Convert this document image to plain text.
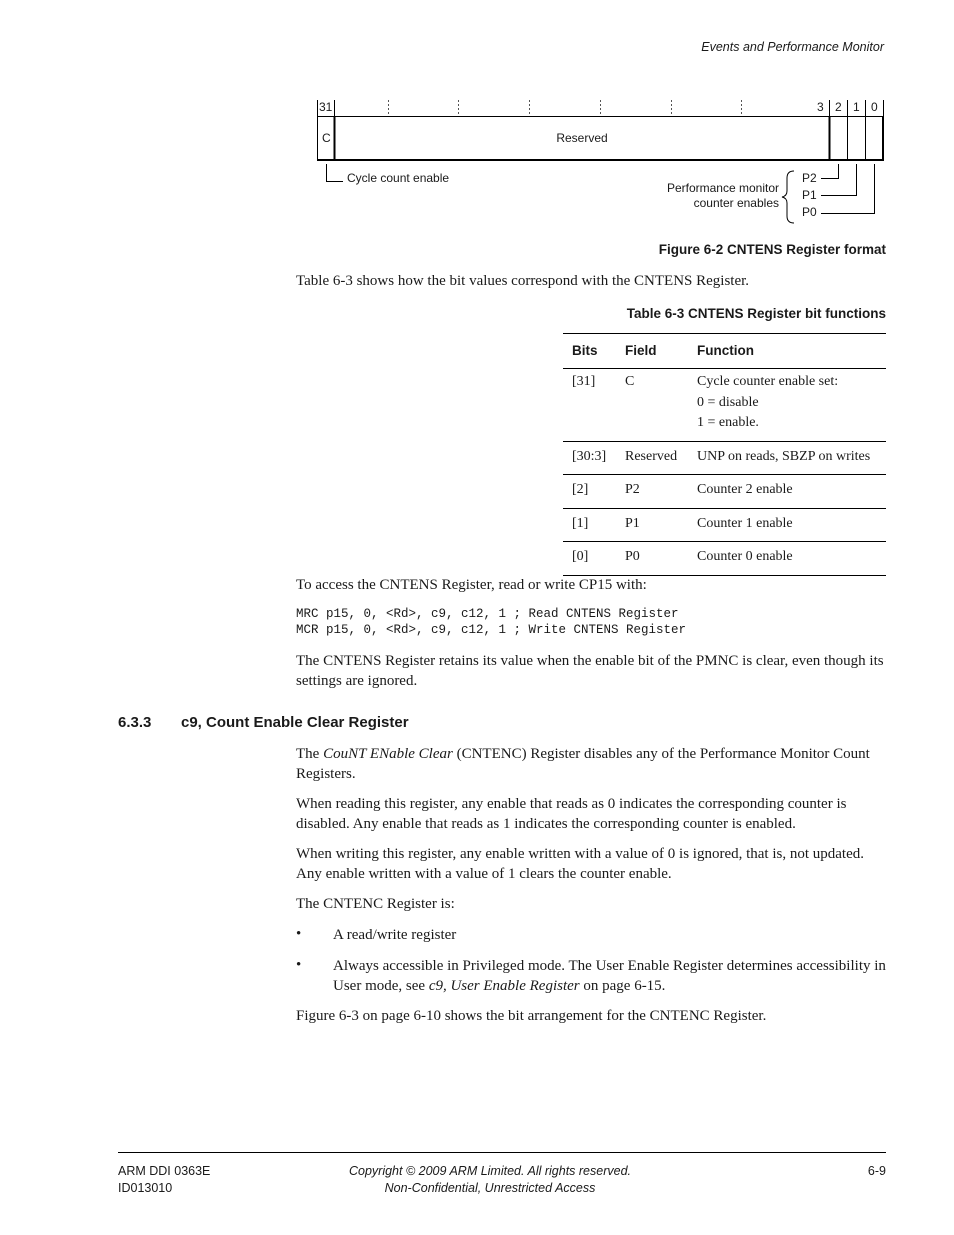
Events and Performance Monitor
31	3 2 1 0
C	Reserved
Cycle count enable
Performance monitor
counter enables
P2
P1
P0
Figure 6-2 CNTENS Register format
Table 6-3 shows how the bit values correspond with the CNTENS Register.
Table 6-3 CNTENS Register bit functions
Bits	Field	Function
[31]	C	Cycle counter enable set:
0 = disable
1 = enable.

[30:3]	Reserved	UNP on reads, SBZP on writes
[2]	P2	Counter 2 enable
[1]	P1	Counter 1 enable
[0]	P0	Counter 0 enable
To access the CNTENS Register, read or write CP15 with:
MRC p15, 0, <Rd>, c9, c12, 1 ; Read CNTENS Register
MCR p15, 0, <Rd>, c9, c12, 1 ; Write CNTENS Register
The CNTENS Register retains its value when the enable bit of the PMNC is clear, even though its settings are ignored.
6.3.3 c9, Count Enable Clear Register
The CouNT ENable Clear (CNTENC) Register disables any of the Performance Monitor Count Registers.
When reading this register, any enable that reads as 0 indicates the corresponding counter is disabled. Any enable that reads as 1 indicates the corresponding counter is enabled.
When writing this register, any enable written with a value of 0 is ignored, that is, not updated. Any enable written with a value of 1 clears the counter enable.
The CNTENC Register is:
• A read/write register
• Always accessible in Privileged mode. The User Enable Register determines accessibility in User mode, see c9, User Enable Register on page 6-15.
Figure 6-3 on page 6-10 shows the bit arrangement for the CNTENC Register.
ARM DDI 0363E
ID013010
Copyright © 2009 ARM Limited. All rights reserved.
Non-Confidential, Unrestricted Access
6-9
